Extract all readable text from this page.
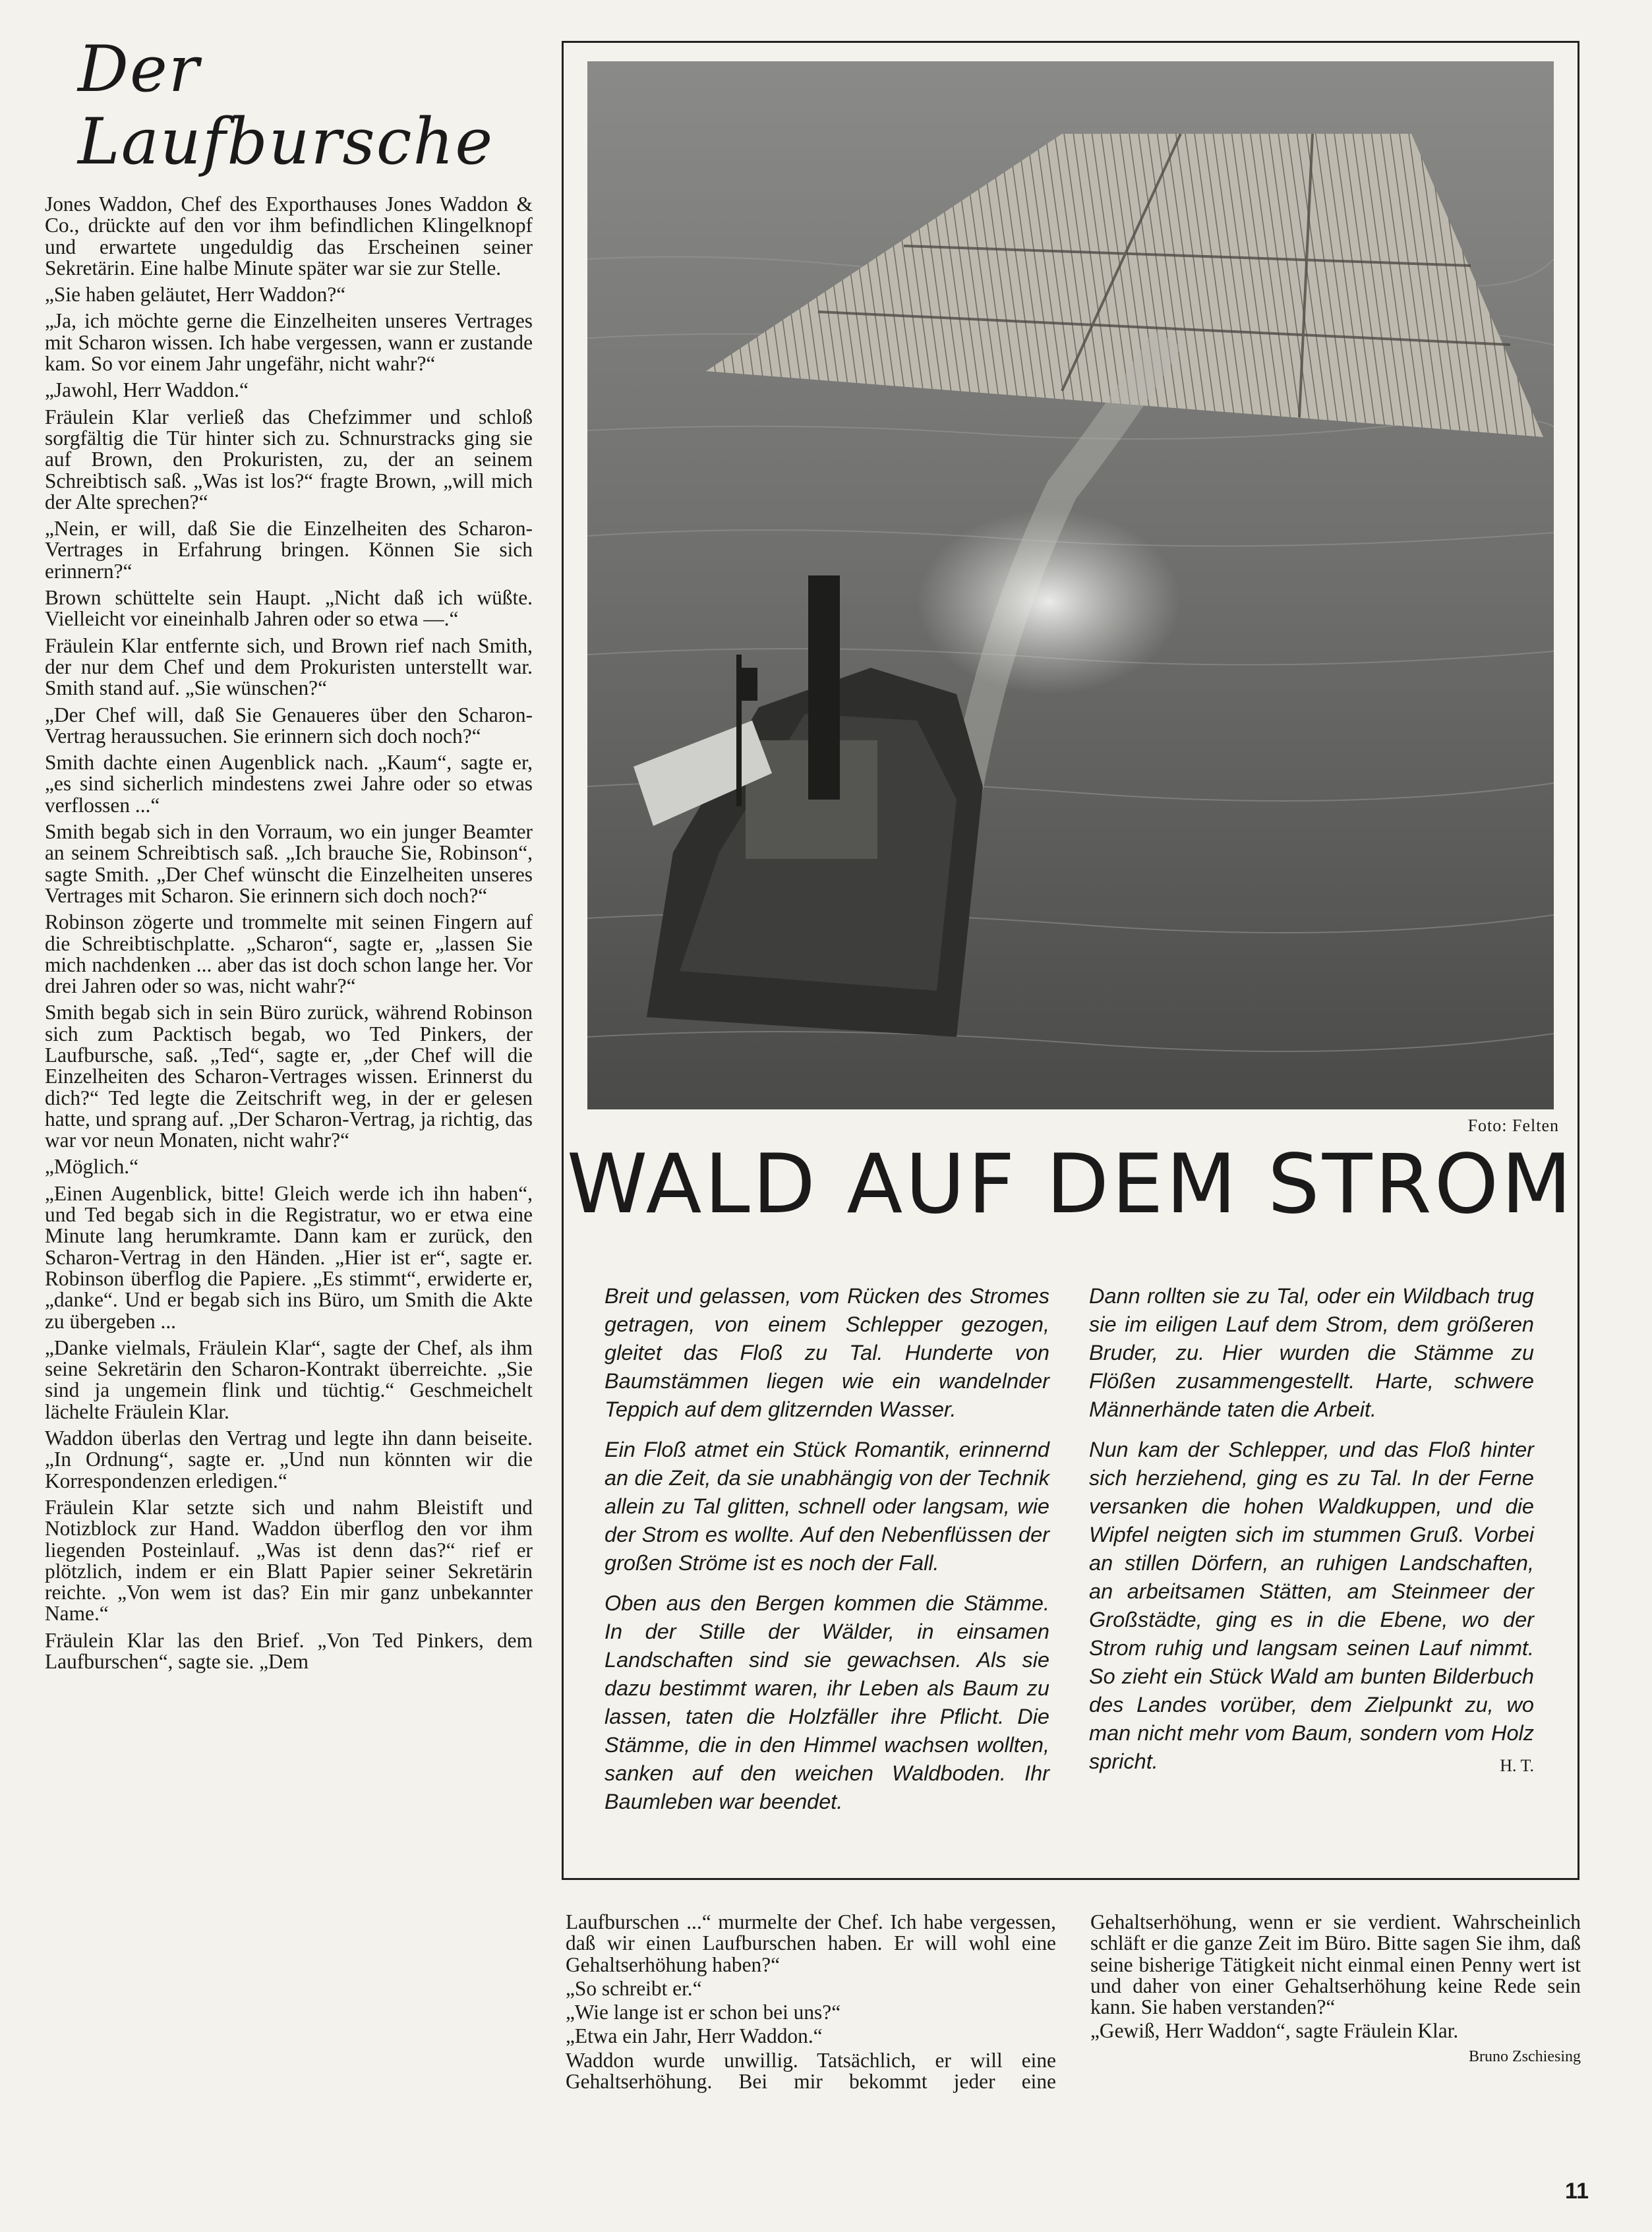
Der Laufbursche

Jones Waddon, Chef des Exporthauses Jones Waddon & Co., drückte auf den vor ihm befindlichen Klingelknopf und erwartete ungeduldig das Erscheinen seiner Sekretärin. Eine halbe Minute später war sie zur Stelle.

„Sie haben geläutet, Herr Waddon?“

„Ja, ich möchte gerne die Einzelheiten unseres Vertrages mit Scharon wissen. Ich habe vergessen, wann er zustande kam. So vor einem Jahr ungefähr, nicht wahr?“

„Jawohl, Herr Waddon.“

Fräulein Klar verließ das Chefzimmer und schloß sorgfältig die Tür hinter sich zu. Schnurstracks ging sie auf Brown, den Prokuristen, zu, der an seinem Schreibtisch saß. „Was ist los?“ fragte Brown, „will mich der Alte sprechen?“

„Nein, er will, daß Sie die Einzelheiten des Scharon-Vertrages in Erfahrung bringen. Können Sie sich erinnern?“

Brown schüttelte sein Haupt. „Nicht daß ich wüßte. Vielleicht vor eineinhalb Jahren oder so etwa —.“

Fräulein Klar entfernte sich, und Brown rief nach Smith, der nur dem Chef und dem Prokuristen unterstellt war. Smith stand auf. „Sie wünschen?“

„Der Chef will, daß Sie Genaueres über den Scharon-Vertrag heraussuchen. Sie erinnern sich doch noch?“

Smith dachte einen Augenblick nach. „Kaum“, sagte er, „es sind sicherlich mindestens zwei Jahre oder so etwas verflossen ...“

Smith begab sich in den Vorraum, wo ein junger Beamter an seinem Schreibtisch saß. „Ich brauche Sie, Robinson“, sagte Smith. „Der Chef wünscht die Einzelheiten unseres Vertrages mit Scharon. Sie erinnern sich doch noch?“

Robinson zögerte und trommelte mit seinen Fingern auf die Schreibtischplatte. „Scharon“, sagte er, „lassen Sie mich nachdenken ... aber das ist doch schon lange her. Vor drei Jahren oder so was, nicht wahr?“

Smith begab sich in sein Büro zurück, während Robinson sich zum Packtisch begab, wo Ted Pinkers, der Laufbursche, saß. „Ted“, sagte er, „der Chef will die Einzelheiten des Scharon-Vertrages wissen. Erinnerst du dich?“ Ted legte die Zeitschrift weg, in der er gelesen hatte, und sprang auf. „Der Scharon-Vertrag, ja richtig, das war vor neun Monaten, nicht wahr?“

„Möglich.“

„Einen Augenblick, bitte! Gleich werde ich ihn haben“, und Ted begab sich in die Registratur, wo er etwa eine Minute lang herumkramte. Dann kam er zurück, den Scharon-Vertrag in den Händen. „Hier ist er“, sagte er. Robinson überflog die Papiere. „Es stimmt“, erwiderte er, „danke“. Und er begab sich ins Büro, um Smith die Akte zu übergeben ...

„Danke vielmals, Fräulein Klar“, sagte der Chef, als ihm seine Sekretärin den Scharon-Kontrakt überreichte. „Sie sind ja ungemein flink und tüchtig.“ Geschmeichelt lächelte Fräulein Klar.

Waddon überlas den Vertrag und legte ihn dann beiseite. „In Ordnung“, sagte er. „Und nun könnten wir die Korrespondenzen erledigen.“

Fräulein Klar setzte sich und nahm Bleistift und Notizblock zur Hand. Waddon überflog den vor ihm liegenden Posteinlauf. „Was ist denn das?“ rief er plötzlich, indem er ein Blatt Papier seiner Sekretärin reichte. „Von wem ist das? Ein mir ganz unbekannter Name.“

Fräulein Klar las den Brief. „Von Ted Pinkers, dem Laufburschen“, sagte sie. „Dem

Foto: Felten
WALD AUF DEM STROM

Breit und gelassen, vom Rücken des Stromes getragen, von einem Schlepper gezogen, gleitet das Floß zu Tal. Hunderte von Baumstämmen liegen wie ein wandelnder Teppich auf dem glitzernden Wasser.

Ein Floß atmet ein Stück Romantik, erinnernd an die Zeit, da sie unabhängig von der Technik allein zu Tal glitten, schnell oder langsam, wie der Strom es wollte. Auf den Nebenflüssen der großen Ströme ist es noch der Fall.

Oben aus den Bergen kommen die Stämme. In der Stille der Wälder, in einsamen Landschaften sind sie gewachsen. Als sie dazu bestimmt waren, ihr Leben als Baum zu lassen, taten die Holzfäller ihre Pflicht. Die Stämme, die in den Himmel wachsen wollten, sanken auf den weichen Waldboden. Ihr Baumleben war beendet.

Dann rollten sie zu Tal, oder ein Wildbach trug sie im eiligen Lauf dem Strom, dem größeren Bruder, zu. Hier wurden die Stämme zu Flößen zusammengestellt. Harte, schwere Männerhände taten die Arbeit.

Nun kam der Schlepper, und das Floß hinter sich herziehend, ging es zu Tal. In der Ferne versanken die hohen Waldkuppen, und die Wipfel neigten sich im stummen Gruß. Vorbei an stillen Dörfern, an ruhigen Landschaften, an arbeitsamen Stätten, am Steinmeer der Großstädte, ging es in die Ebene, wo der Strom ruhig und langsam seinen Lauf nimmt. So zieht ein Stück Wald am bunten Bilderbuch des Landes vorüber, dem Zielpunkt zu, wo man nicht mehr vom Baum, sondern vom Holz spricht.	H. T.

Laufburschen ...“ murmelte der Chef. Ich habe vergessen, daß wir einen Laufburschen haben. Er will wohl eine Gehaltserhöhung haben?“

„So schreibt er.“

„Wie lange ist er schon bei uns?“

„Etwa ein Jahr, Herr Waddon.“

Waddon wurde unwillig. Tatsächlich, er will eine Gehaltserhöhung. Bei mir bekommt jeder eine Gehaltserhöhung, wenn er sie verdient. Wahrscheinlich schläft er die ganze Zeit im Büro. Bitte sagen Sie ihm, daß seine bisherige Tätigkeit nicht einmal einen Penny wert ist und daher von einer Gehaltserhöhung keine Rede sein kann. Sie haben verstanden?“

„Gewiß, Herr Waddon“, sagte Fräulein Klar.

Bruno Zschiesing

11
